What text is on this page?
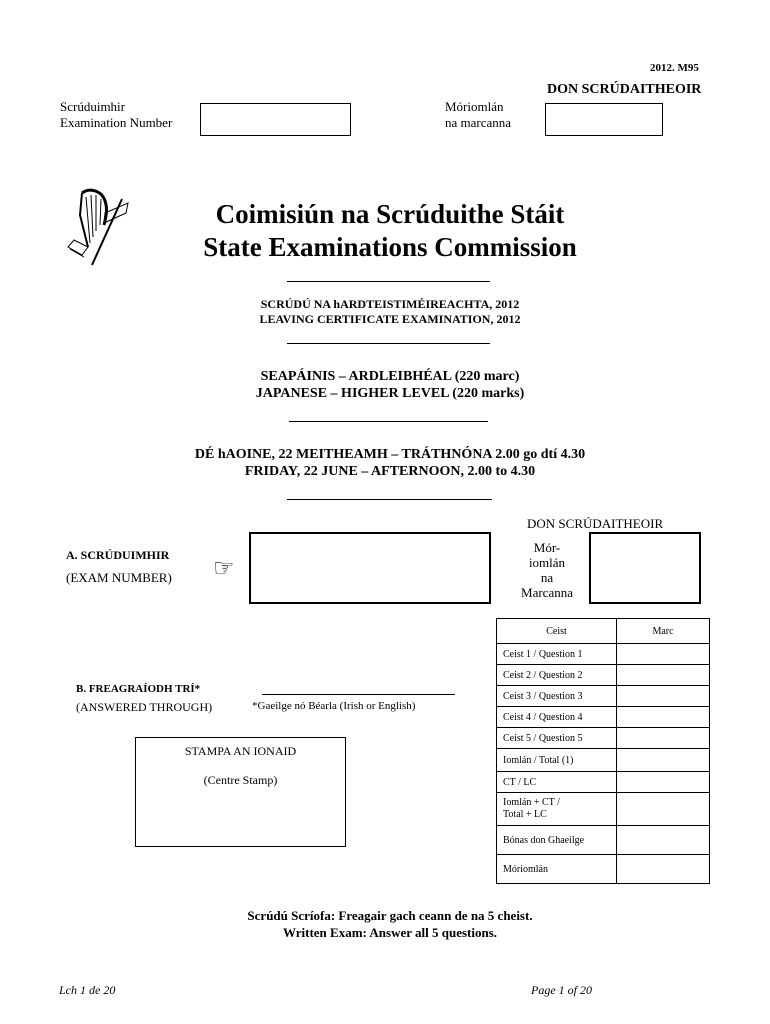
2012. M95
DON SCRÚDAITHEOIR
Scrúduimhir
Examination Number
Móriomlán
na marcanna
Coimisiún na Scrúduithe Stáit
State Examinations Commission
SCRÚDÚ NA hARDTEISTIMÉIREACHTA, 2012
LEAVING CERTIFICATE EXAMINATION, 2012
SEAPÁINIS – ARDLEIBHÉAL (220 marc)
JAPANESE – HIGHER LEVEL (220 marks)
DÉ hAOINE, 22 MEITHEAMH – TRÁTHNÓNA 2.00 go dtí 4.30
FRIDAY, 22 JUNE – AFTERNOON, 2.00 to 4.30
A. SCRÚDUIMHIR
(EXAM NUMBER) ☞
DON SCRÚDAITHEOIR
Mór-
iomlán
na
Marcanna
Ceist	Marc
Ceist 1 / Question 1	
Ceist 2 / Question 2	
Ceist 3 / Question 3	
Ceist 4 / Question 4	
Ceist 5 / Question 5	
Iomlán / Total (1)	
CT / LC	

Iomlán + CT /
Total + LC	

Bónas don Ghaeilge	
Móriomlán	
B. FREAGRAÍODH TRÍ*
(ANSWERED THROUGH)	*Gaeilge nó Béarla (Irish or English)
STAMPA AN IONAID
(Centre Stamp)
Scrúdú Scríofa: Freagair gach ceann de na 5 cheist.
Written Exam: Answer all 5 questions.
Lch 1 de 20	Page 1 of 20
